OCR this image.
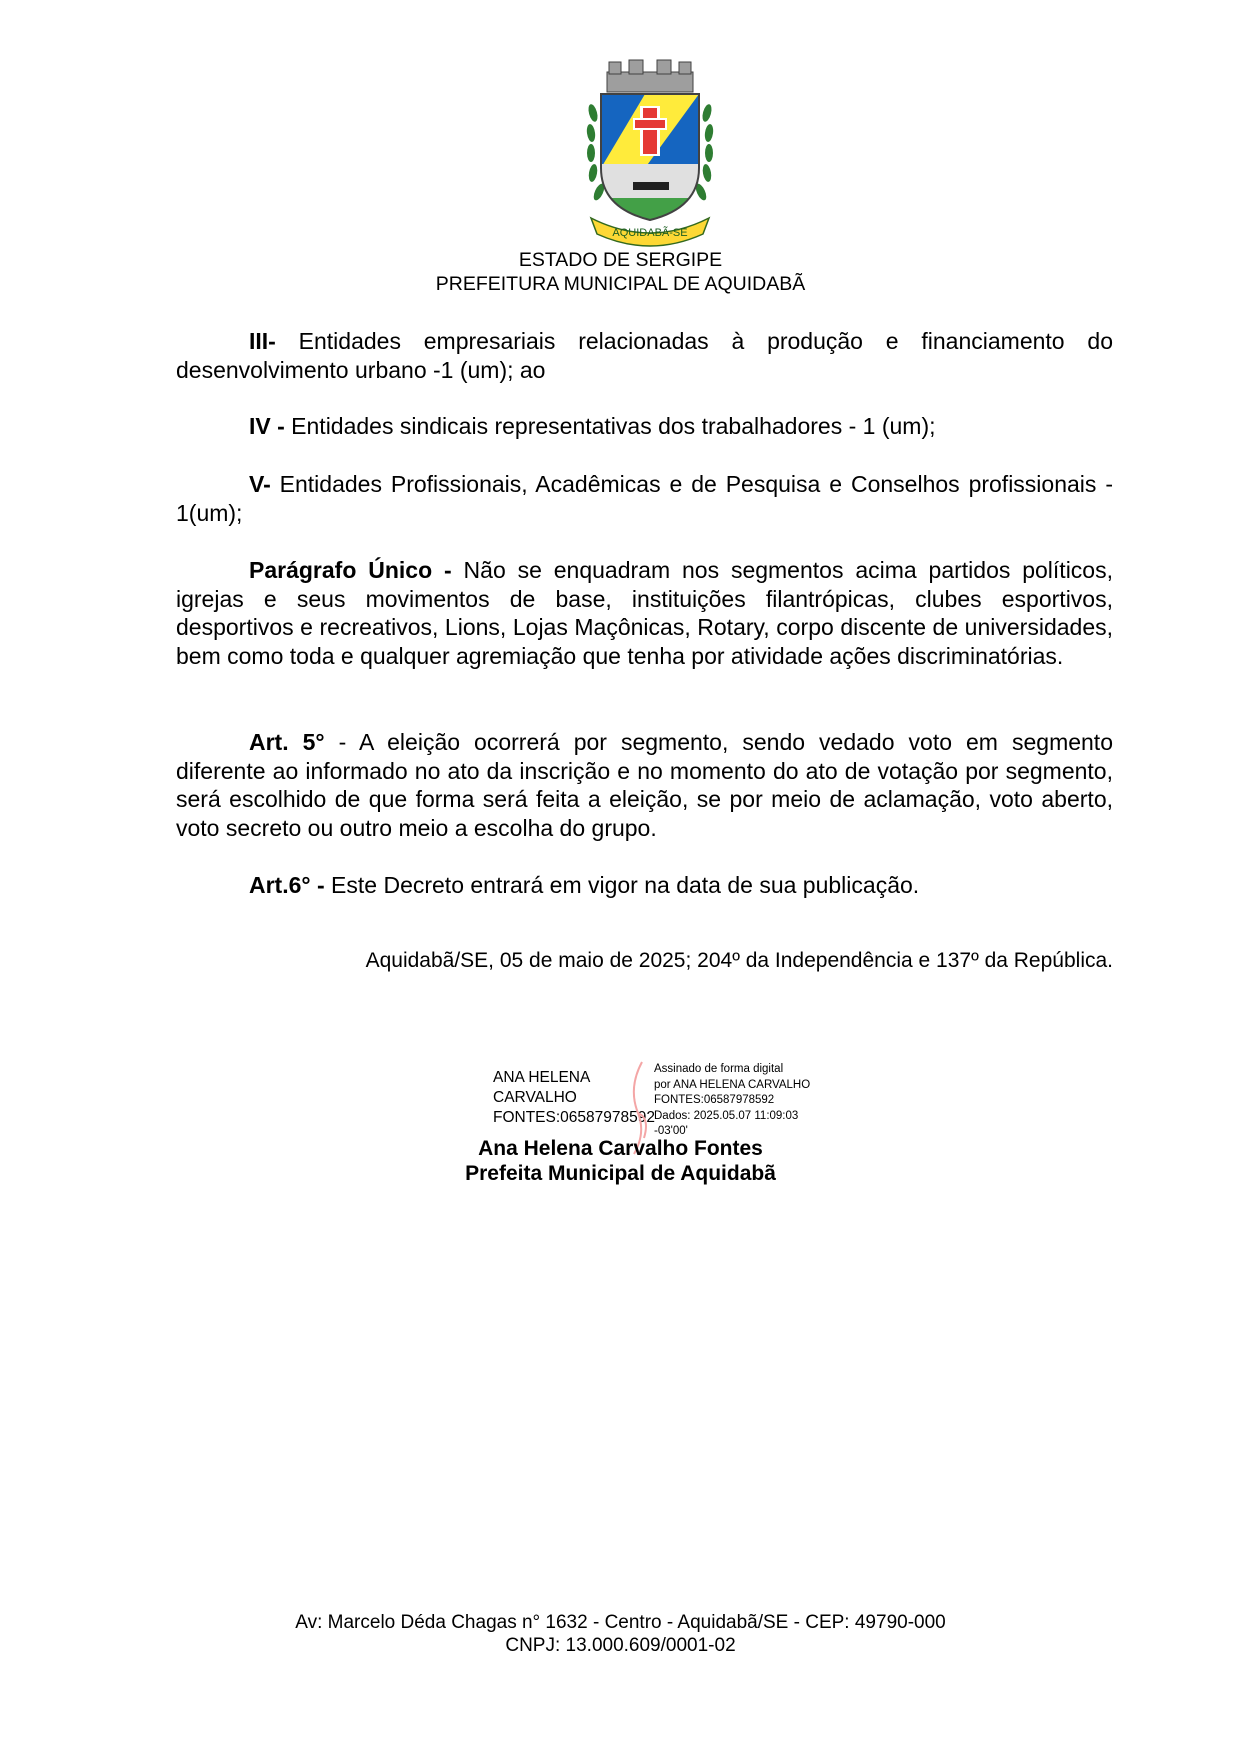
AQUIDABÃ-SE
ESTADO DE SERGIPE
PREFEITURA MUNICIPAL DE AQUIDABÃ

III- Entidades empresariais relacionadas à produção e financiamento do desenvolvimento urbano -1 (um); ao

IV - Entidades sindicais representativas dos trabalhadores - 1 (um);

V- Entidades Profissionais, Acadêmicas e de Pesquisa e Conselhos profissionais - 1(um);

Parágrafo Único - Não se enquadram nos segmentos acima partidos políticos, igrejas e seus movimentos de base, instituições filantrópicas, clubes esportivos, desportivos e recreativos, Lions, Lojas Maçônicas, Rotary, corpo discente de universidades, bem como toda e qualquer agremiação que tenha por atividade ações discriminatórias.

Art. 5° - A eleição ocorrerá por segmento, sendo vedado voto em segmento diferente ao informado no ato da inscrição e no momento do ato de votação por segmento, será escolhido de que forma será feita a eleição, se por meio de aclamação, voto aberto, voto secreto ou outro meio a escolha do grupo.

Art.6° - Este Decreto entrará em vigor na data de sua publicação.

Aquidabã/SE, 05 de maio de 2025; 204º da Independência e 137º da República.
ANA HELENA
CARVALHO
FONTES:06587978592
Assinado de forma digital
por ANA HELENA CARVALHO
FONTES:06587978592
Dados: 2025.05.07 11:09:03
-03'00'
Ana Helena Carvalho Fontes
Prefeita Municipal de Aquidabã
Av: Marcelo Déda Chagas n° 1632 - Centro - Aquidabã/SE - CEP: 49790-000
CNPJ: 13.000.609/0001-02
